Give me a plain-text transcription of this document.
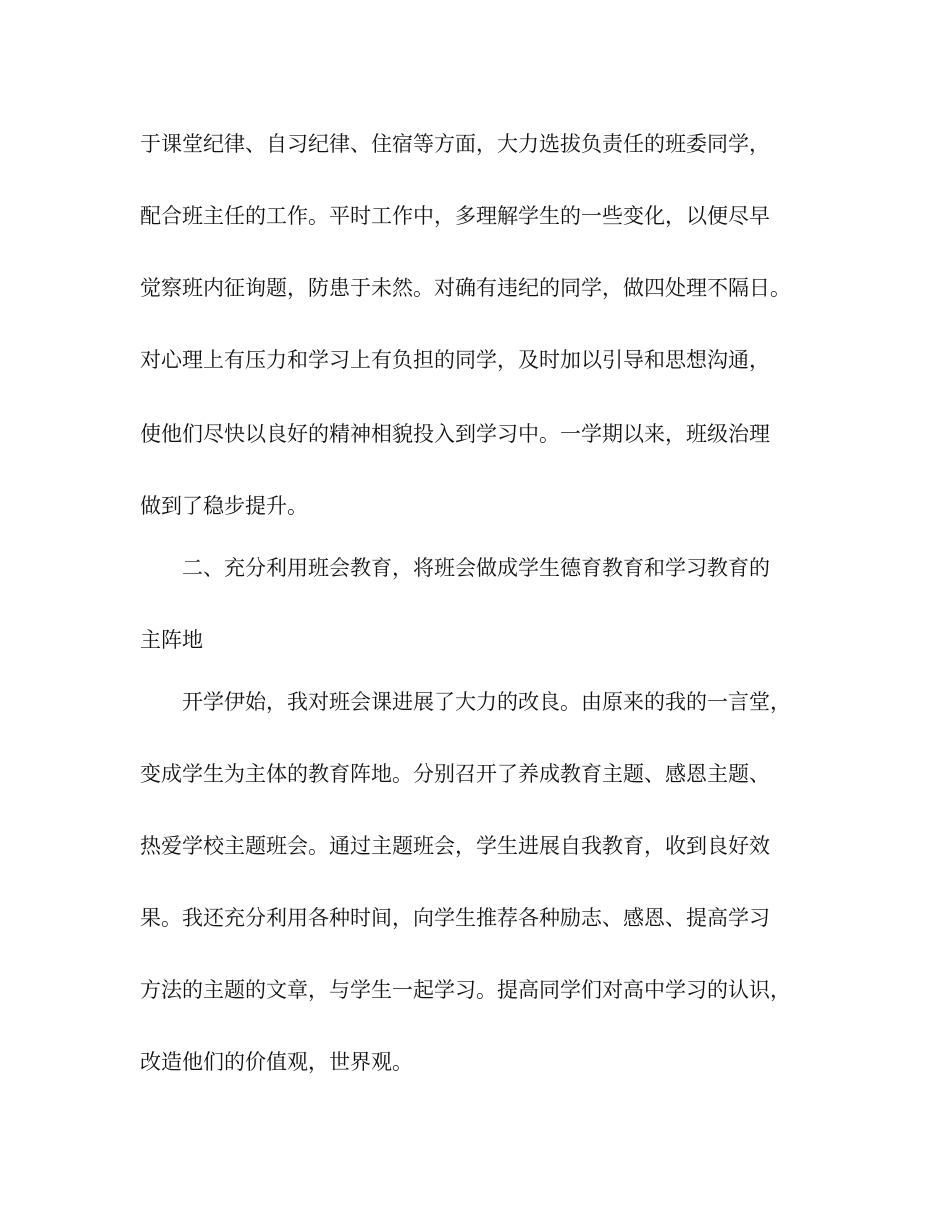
于课堂纪律、自习纪律、住宿等方面，大力选拔负责任的班委同学，
配合班主任的工作。平时工作中，多理解学生的一些变化，以便尽早
觉察班内征询题，防患于未然。对确有违纪的同学，做四处理不隔日。
对心理上有压力和学习上有负担的同学，及时加以引导和思想沟通，
使他们尽快以良好的精神相貌投入到学习中。一学期以来，班级治理
做到了稳步提升。
二、充分利用班会教育，将班会做成学生德育教育和学习教育的
主阵地
开学伊始，我对班会课进展了大力的改良。由原来的我的一言堂，
变成学生为主体的教育阵地。分别召开了养成教育主题、感恩主题、
热爱学校主题班会。通过主题班会，学生进展自我教育，收到良好效
果。我还充分利用各种时间，向学生推荐各种励志、感恩、提高学习
方法的主题的文章，与学生一起学习。提高同学们对高中学习的认识，
改造他们的价值观，世界观。
